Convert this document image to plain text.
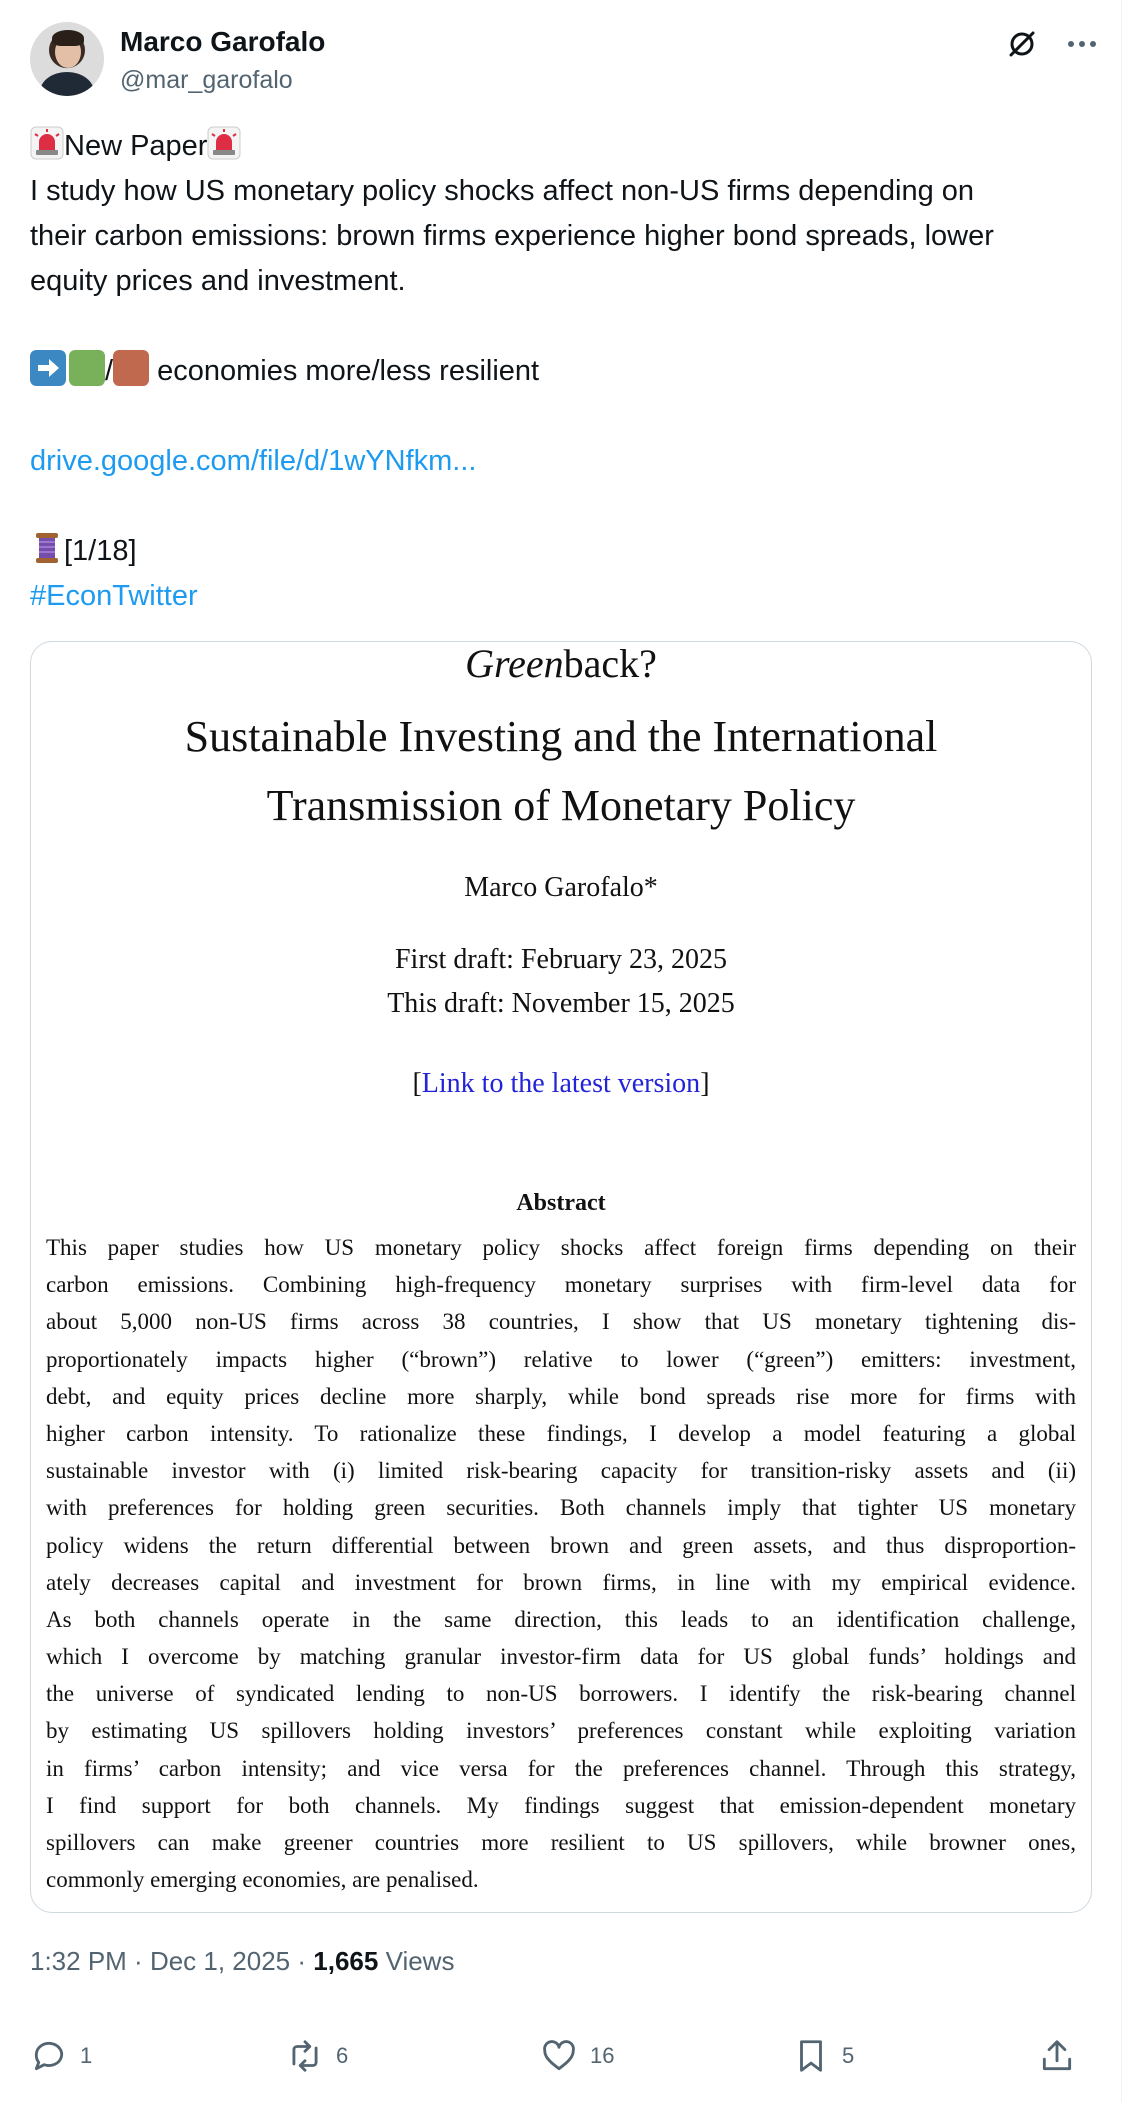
Marco Garofalo
@mar_garofalo
New Paper
I study how US monetary policy shocks affect non-US firms depending on
their carbon emissions: brown firms experience higher bond spreads, lower
equity prices and investment.
/ economies more/less resilient
drive.google.com/file/d/1wYNfkm...
[1/18]
#EconTwitter
Greenback?
Sustainable Investing and the International
Transmission of Monetary Policy
Marco Garofalo*
First draft: February 23, 2025
This draft: November 15, 2025
[Link to the latest version]
Abstract
This paper studies how US monetary policy shocks affect foreign firms depending on their
carbon emissions. Combining high-frequency monetary surprises with firm-level data for
about 5,000 non-US firms across 38 countries, I show that US monetary tightening dis-
proportionately impacts higher (“brown”) relative to lower (“green”) emitters: investment,
debt, and equity prices decline more sharply, while bond spreads rise more for firms with
higher carbon intensity. To rationalize these findings, I develop a model featuring a global
sustainable investor with (i) limited risk-bearing capacity for transition-risky assets and (ii)
with preferences for holding green securities. Both channels imply that tighter US monetary
policy widens the return differential between brown and green assets, and thus disproportion-
ately decreases capital and investment for brown firms, in line with my empirical evidence.
As both channels operate in the same direction, this leads to an identification challenge,
which I overcome by matching granular investor-firm data for US global funds’ holdings and
the universe of syndicated lending to non-US borrowers. I identify the risk-bearing channel
by estimating US spillovers holding investors’ preferences constant while exploiting variation
in firms’ carbon intensity; and vice versa for the preferences channel. Through this strategy,
I find support for both channels. My findings suggest that emission-dependent monetary
spillovers can make greener countries more resilient to US spillovers, while browner ones,
commonly emerging economies, are penalised.
1:32 PM · Dec 1, 2025 · 1,665 Views
1	6	16	5
